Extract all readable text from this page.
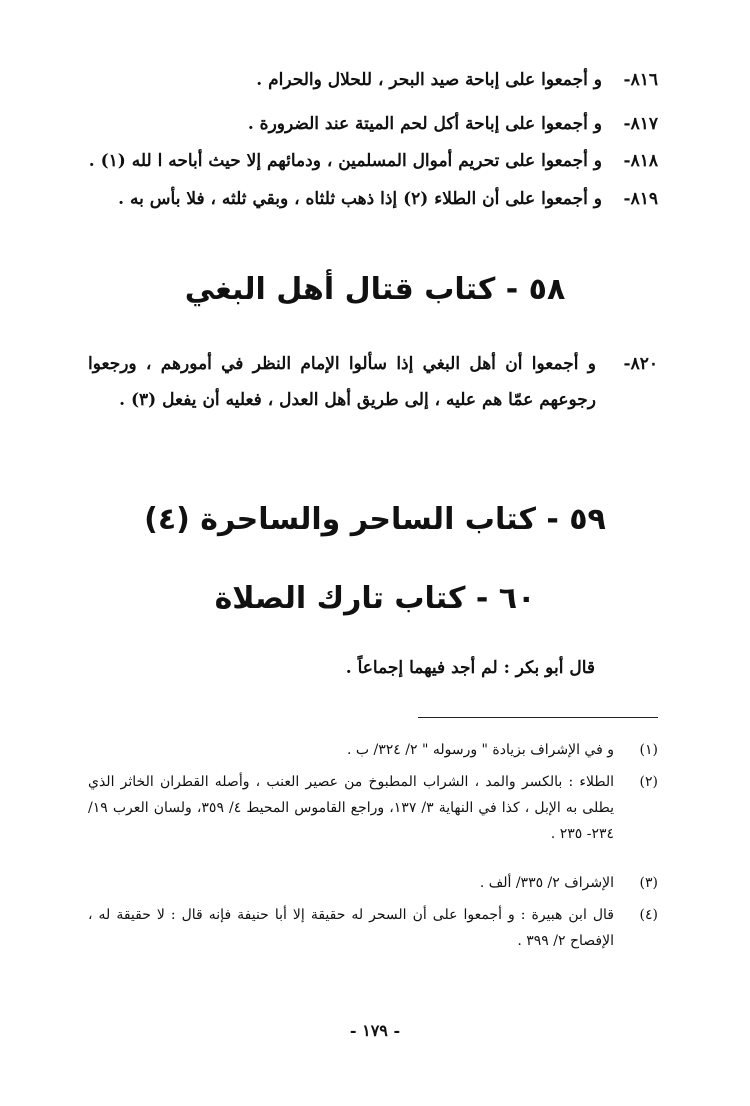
٨١٦-و أجمعوا على إباحة صيد البحر ، للحلال والحرام .
٨١٧-و أجمعوا على إباحة أكل لحم الميتة عند الضرورة .
٨١٨-و أجمعوا على تحريم أموال المسلمين ، ودمائهم إلا حيث أباحه ا لله (١) .
٨١٩-و أجمعوا على أن الطلاء (٢) إذا ذهب ثلثاه ، وبقي ثلثه ، فلا بأس به .
٥٨ - كتاب قتال أهل البغي
٨٢٠-
و أجمعوا أن أهل البغي إذا سألوا الإمام النظر في أمورهم ، ورجعوا رجوعهم عمّا هم عليه ، إلى طريق أهل العدل ، فعليه أن يفعل (٣) .
٥٩ - كتاب الساحر والساحرة (٤)
٦٠ - كتاب تارك الصلاة
قال أبو بكر : لم أجد فيهما إجماعاً .
(١)
و في الإشراف بزيادة " ورسوله " ٢/ ٣٢٤/ ب .
(٢)
الطلاء : بالكسر والمد ، الشراب المطبوخ من عصير العنب ، وأصله القطران الخاثر الذي يطلى به الإبل ، كذا في النهاية ٣/ ١٣٧، وراجع القاموس المحيط ٤/ ٣٥٩، ولسان العرب ١٩/ ٢٣٤- ٢٣٥ .
(٣)
الإشراف ٢/ ٣٣٥/ ألف .
(٤)
قال ابن هبيرة : و أجمعوا على أن السحر له حقيقة إلا أبا حنيفة فإنه قال : لا حقيقة له ، الإفصاح ٢/ ٣٩٩ .
- ١٧٩ -
